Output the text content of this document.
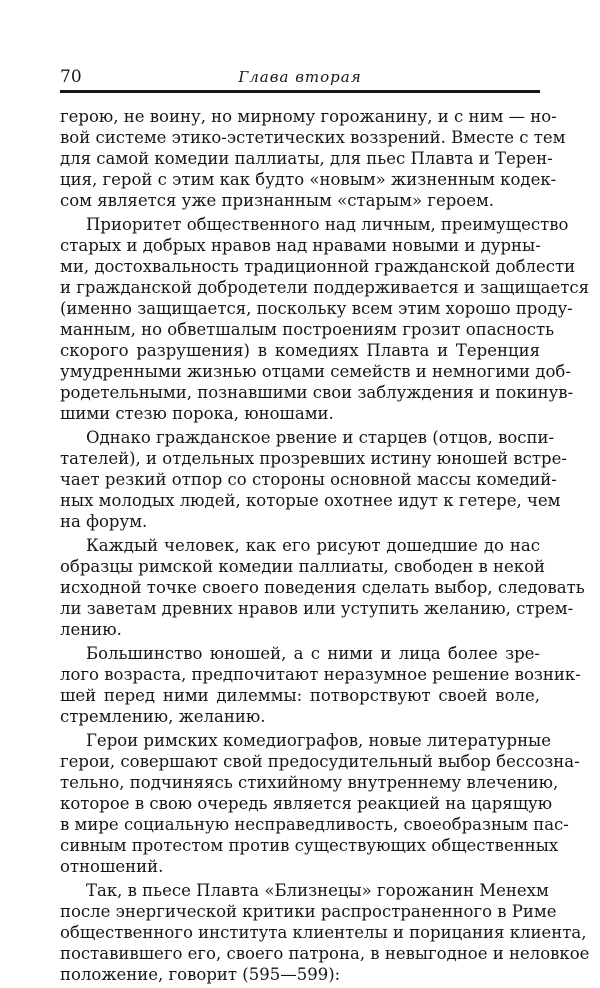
70	Глава вторая

герою, не воину, но мирному горожанину, и с ним — но-
вой системе этико-эстетических воззрений. Вместе с тем
для самой комедии паллиаты, для пьес Плавта и Терен-
ция, герой с этим как будто «новым» жизненным кодек-
сом является уже признанным «старым» героем.

Приоритет общественного над личным, преимущество
старых и добрых нравов над нравами новыми и дурны-
ми, достохвальность традиционной гражданской доблести
и гражданской добродетели поддерживается и защищается
(именно защищается, поскольку всем этим хорошо проду-
манным, но обветшалым построениям грозит опасность
скорого разрушения) в комедиях Плавта и Теренция
умудренными жизнью отцами семейств и немногими доб-
родетельными, познавшими свои заблуждения и покинув-
шими стезю порока, юношами.

Однако гражданское рвение и старцев (отцов, воспи-
тателей), и отдельных прозревших истину юношей встре-
чает резкий отпор со стороны основной массы комедий-
ных молодых людей, которые охотнее идут к гетере, чем
на форум.

Каждый человек, как его рисуют дошедшие до нас
образцы римской комедии паллиаты, свободен в некой
исходной точке своего поведения сделать выбор, следовать
ли заветам древних нравов или уступить желанию, стрем-
лению.

Большинство юношей, а с ними и лица более зре-
лого возраста, предпочитают неразумное решение возник-
шей перед ними дилеммы: потворствуют своей воле,
стремлению, желанию.

Герои римских комедиографов, новые литературные
герои, совершают свой предосудительный выбор бессозна-
тельно, подчиняясь стихийному внутреннему влечению,
которое в свою очередь является реакцией на царящую
в мире социальную несправедливость, своеобразным пас-
сивным протестом против существующих общественных
отношений.

Так, в пьесе Плавта «Близнецы» горожанин Менехм
после энергической критики распространенного в Риме
общественного института клиентелы и порицания клиента,
поставившего его, своего патрона, в невыгодное и неловкое
положение, говорит (595—599):
